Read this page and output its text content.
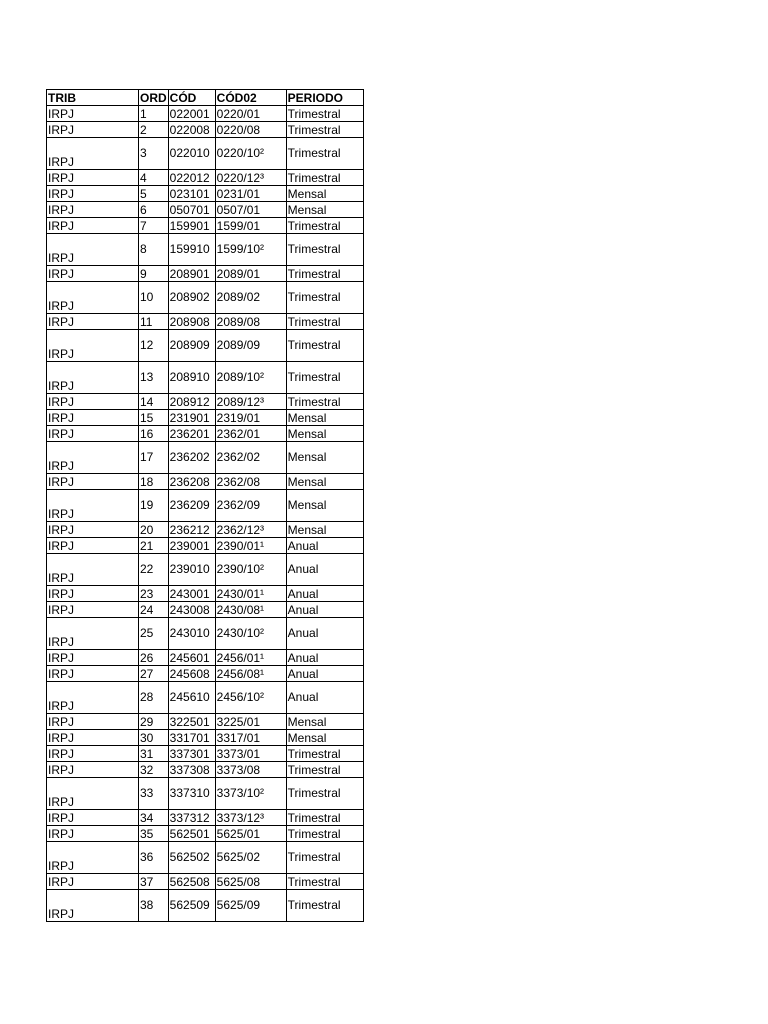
TRIB	ORD	CÓD	CÓD02	PERIODO
IRPJ	1	022001	0220/01	Trimestral
IRPJ	2	022008	0220/08	Trimestral
IRPJ	3	022010	0220/10²	Trimestral
IRPJ	4	022012	0220/12³	Trimestral
IRPJ	5	023101	0231/01	Mensal
IRPJ	6	050701	0507/01	Mensal
IRPJ	7	159901	1599/01	Trimestral
IRPJ	8	159910	1599/10²	Trimestral
IRPJ	9	208901	2089/01	Trimestral
IRPJ	10	208902	2089/02	Trimestral
IRPJ	11	208908	2089/08	Trimestral
IRPJ	12	208909	2089/09	Trimestral
IRPJ	13	208910	2089/10²	Trimestral
IRPJ	14	208912	2089/12³	Trimestral
IRPJ	15	231901	2319/01	Mensal
IRPJ	16	236201	2362/01	Mensal
IRPJ	17	236202	2362/02	Mensal
IRPJ	18	236208	2362/08	Mensal
IRPJ	19	236209	2362/09	Mensal
IRPJ	20	236212	2362/12³	Mensal
IRPJ	21	239001	2390/01¹	Anual
IRPJ	22	239010	2390/10²	Anual
IRPJ	23	243001	2430/01¹	Anual
IRPJ	24	243008	2430/08¹	Anual
IRPJ	25	243010	2430/10²	Anual
IRPJ	26	245601	2456/01¹	Anual
IRPJ	27	245608	2456/08¹	Anual
IRPJ	28	245610	2456/10²	Anual
IRPJ	29	322501	3225/01	Mensal
IRPJ	30	331701	3317/01	Mensal
IRPJ	31	337301	3373/01	Trimestral
IRPJ	32	337308	3373/08	Trimestral
IRPJ	33	337310	3373/10²	Trimestral
IRPJ	34	337312	3373/12³	Trimestral
IRPJ	35	562501	5625/01	Trimestral
IRPJ	36	562502	5625/02	Trimestral
IRPJ	37	562508	5625/08	Trimestral
IRPJ	38	562509	5625/09	Trimestral
